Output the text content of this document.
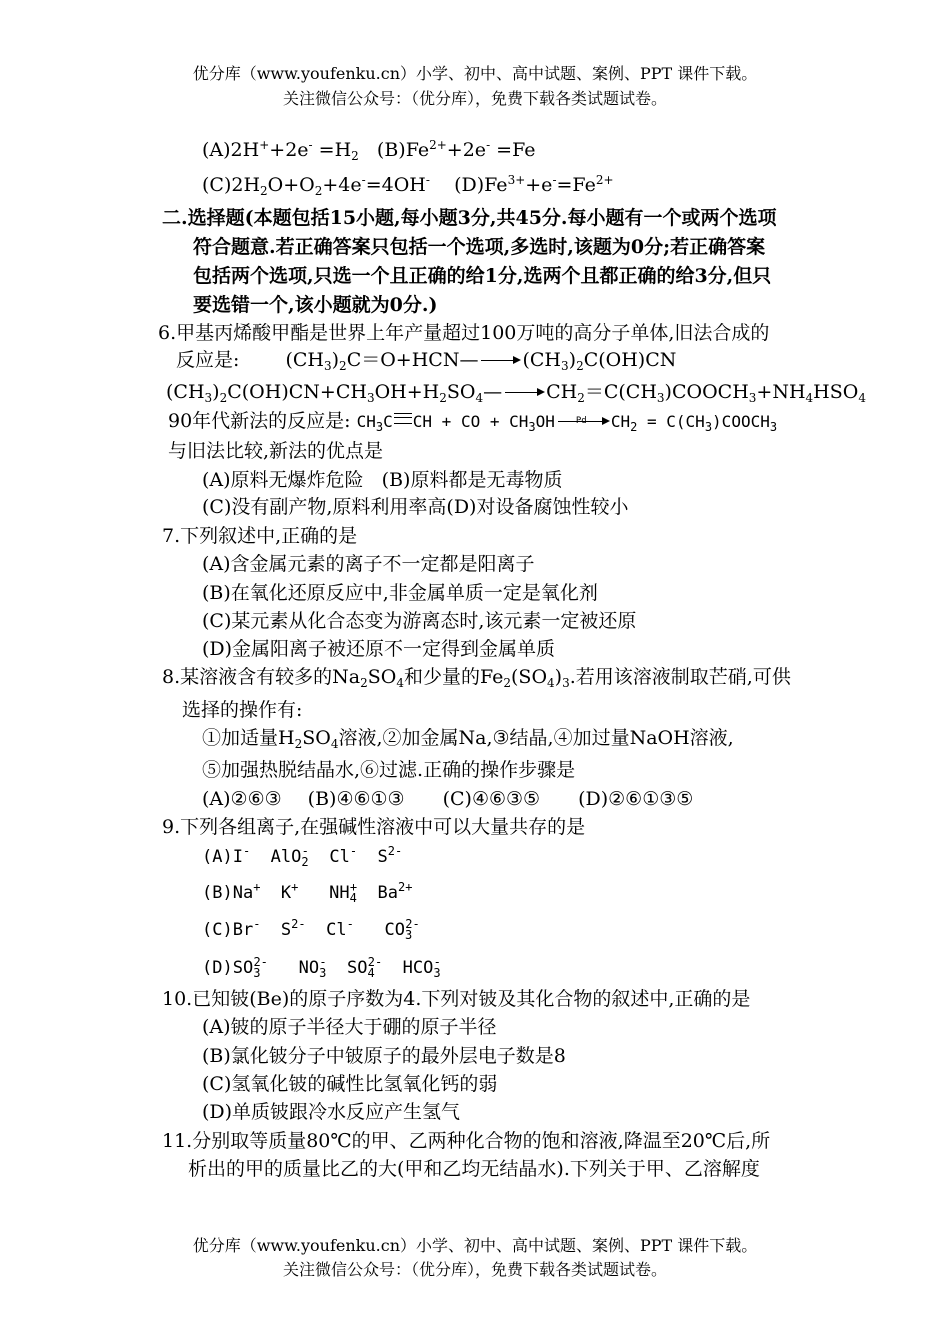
优分库（www.youfenku.cn）小学、初中、高中试题、案例、PPT 课件下载。
关注微信公众号：（优分库），免费下载各类试题试卷。
$(A)2H^++2e^- =H_2$ $(B)Fe^{2+}+2e^- =Fe$
$(C)2H_2O+O_2+4e^-=4OH^-$ $(D)Fe^{3+}+e^-=Fe^{2+}$
二.选择题(本题包括15小题,每小题3分,共45分.每小题有一个或两个选项
符合题意.若正确答案只包括一个选项,多选时,该题为0分;若正确答案
包括两个选项,只选一个且正确的给1分,选两个且都正确的给3分,但只
要选错一个,该小题就为0分.)
6.甲基丙烯酸甲酯是世界上年产量超过100万吨的高分子单体,旧法合成的
反应是: $(CH_3)_2C=O+HCN—$ $(CH_3)_2C(OH)CN$
$(CH_3)_2C(OH)CN+CH_3OH+H_2SO_4—$ $CH_2=C(CH_3)COOCH_3+NH_4HSO_4$
90年代新法的反应是: $CH_3C$ CH + CO + $CH_3OH$ Pd $CH_2$ = $C(CH_3)COOCH_3$
与旧法比较,新法的优点是
(A)原料无爆炸危险 (B)原料都是无毒物质
(C)没有副产物,原料利用率高(D)对设备腐蚀性较小
7.下列叙述中,正确的是
(A)含金属元素的离子不一定都是阳离子
(B)在氧化还原反应中,非金属单质一定是氧化剂
(C)某元素从化合态变为游离态时,该元素一定被还原
(D)金属阳离子被还原不一定得到金属单质
8.某溶液含有较多的$Na_2SO_4$和少量的$Fe_2(SO_4)_3$.若用该溶液制取芒硝,可供
选择的操作有:
①加适量$H_2SO_4$溶液,②加金属Na,③结晶,④加过量NaOH溶液,
⑤加强热脱结晶水,⑥过滤.正确的操作步骤是
(A)②⑥③ (B)④⑥①③ (C)④⑥③⑤ (D)②⑥①③⑤
9.下列各组离子,在强碱性溶液中可以大量共存的是
(A)I-  AlO$_2$-  Cl-  $S^{2-}$
(B)Na+  K+   $NH_4^+$  $Ba^{2+}$
(C)Br-  $S^{2-}$  Cl-   $CO_3^{2-}$
$(D)SO_3^{2-}$   $NO_3^-$  $SO_4^{2-}$  $HCO_3^-$
10.已知铍(Be)的原子序数为4.下列对铍及其化合物的叙述中,正确的是
(A)铍的原子半径大于硼的原子半径
(B)氯化铍分子中铍原子的最外层电子数是8
(C)氢氧化铍的碱性比氢氧化钙的弱
(D)单质铍跟冷水反应产生氢气
11.分别取等质量80℃的甲、乙两种化合物的饱和溶液,降温至20℃后,所
析出的甲的质量比乙的大(甲和乙均无结晶水).下列关于甲、乙溶解度
优分库（www.youfenku.cn）小学、初中、高中试题、案例、PPT 课件下载。
关注微信公众号：（优分库），免费下载各类试题试卷。
